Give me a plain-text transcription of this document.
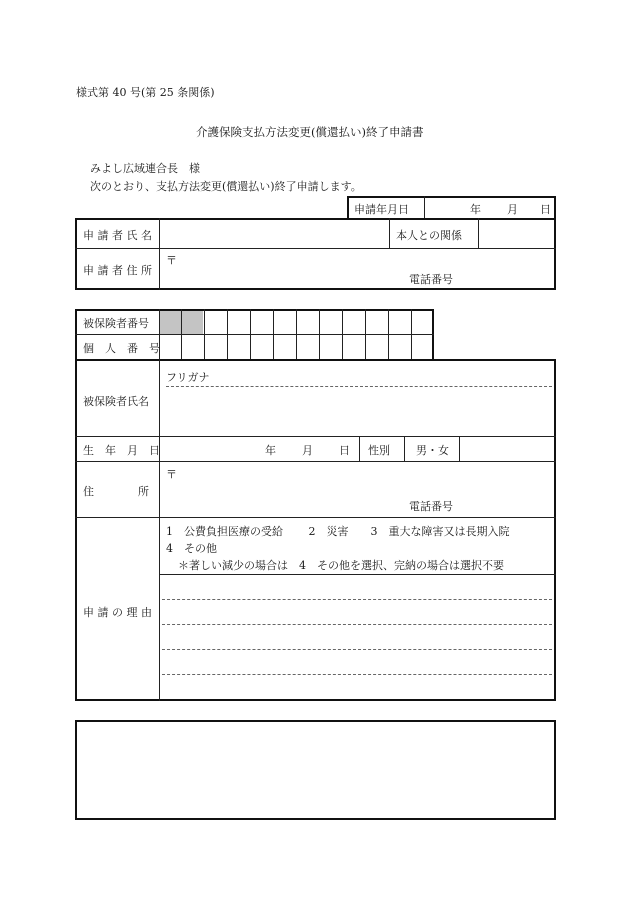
様式第 40 号(第 25 条関係)
介護保険支払方法変更(償還払い)終了申請書
みよし広域連合長　様
次のとおり、支払方法変更(償還払い)終了申請します。
申請年月日	年 月 日
申 請 者 氏 名	本人との関係
申 請 者 住 所
〒
電話番号
被保険者番号
個　人　番　号
被保険者氏名
フリガナ
生　年　月　日	年 月 日 性別 男・女
住　　　　所
〒
電話番号
申 請 の 理 由
1　公費負担医療の受給　　 2　災害　　3　重大な障害又は長期入院
4　その他
＊著しい減少の場合は　4　その他を選択、完納の場合は選択不要
